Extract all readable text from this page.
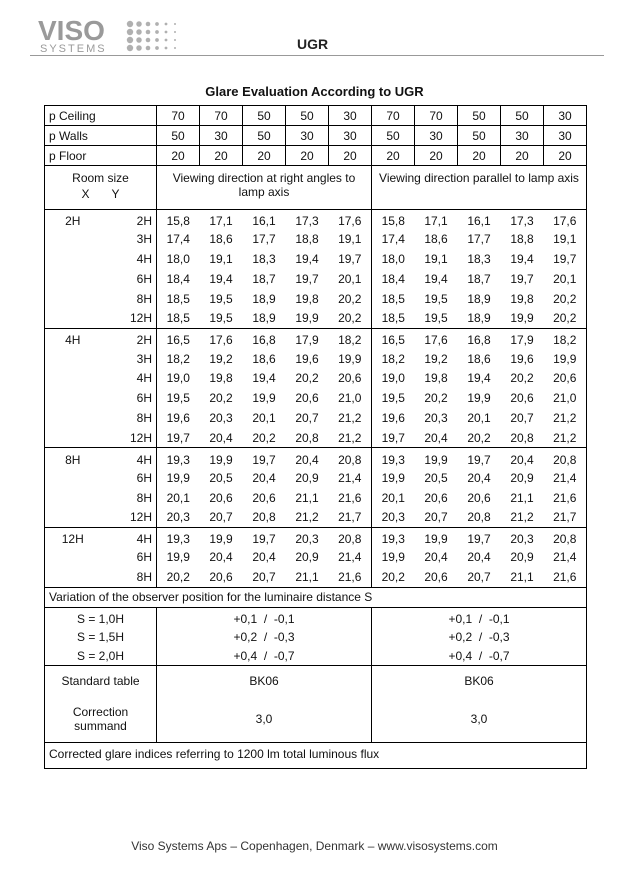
VISO
SYSTEMS	UGR
Glare Evaluation According to UGR
p Ceiling		70	70	50	50	30	70	70	50	50	30
p Walls		50	30	50	30	30	50	30	50	30	30
p Floor		20	20	20	20	20	20	20	20	20	20

Room size
X Y		Viewing direction at right angles to lamp axis					Viewing direction parallel to lamp axis				
2H	2H	15,8	17,1	16,1	17,3	17,6	15,8	17,1	16,1	17,3	17,6
	3H	17,4	18,6	17,7	18,8	19,1	17,4	18,6	17,7	18,8	19,1
	4H	18,0	19,1	18,3	19,4	19,7	18,0	19,1	18,3	19,4	19,7
	6H	18,4	19,4	18,7	19,7	20,1	18,4	19,4	18,7	19,7	20,1
	8H	18,5	19,5	18,9	19,8	20,2	18,5	19,5	18,9	19,8	20,2
	12H	18,5	19,5	18,9	19,9	20,2	18,5	19,5	18,9	19,9	20,2
4H	2H	16,5	17,6	16,8	17,9	18,2	16,5	17,6	16,8	17,9	18,2
	3H	18,2	19,2	18,6	19,6	19,9	18,2	19,2	18,6	19,6	19,9
	4H	19,0	19,8	19,4	20,2	20,6	19,0	19,8	19,4	20,2	20,6
	6H	19,5	20,2	19,9	20,6	21,0	19,5	20,2	19,9	20,6	21,0
	8H	19,6	20,3	20,1	20,7	21,2	19,6	20,3	20,1	20,7	21,2
	12H	19,7	20,4	20,2	20,8	21,2	19,7	20,4	20,2	20,8	21,2
8H	4H	19,3	19,9	19,7	20,4	20,8	19,3	19,9	19,7	20,4	20,8
	6H	19,9	20,5	20,4	20,9	21,4	19,9	20,5	20,4	20,9	21,4
	8H	20,1	20,6	20,6	21,1	21,6	20,1	20,6	20,6	21,1	21,6
	12H	20,3	20,7	20,8	21,2	21,7	20,3	20,7	20,8	21,2	21,7
12H	4H	19,3	19,9	19,7	20,3	20,8	19,3	19,9	19,7	20,3	20,8
	6H	19,9	20,4	20,4	20,9	21,4	19,9	20,4	20,4	20,9	21,4
	8H	20,2	20,6	20,7	21,1	21,6	20,2	20,6	20,7	21,1	21,6
Variation of the observer position for the luminaire distance S											
S = 1,0H		+0,1  /  -0,1					+0,1  /  -0,1				
S = 1,5H		+0,2  /  -0,3					+0,2  /  -0,3				
S = 2,0H		+0,4  /  -0,7					+0,4  /  -0,7				
Standard table		BK06					BK06				
Correction summand		3,0					3,0				
Corrected glare indices referring to 1200 lm total luminous flux											
Viso Systems Aps – Copenhagen, Denmark – www.visosystems.com
